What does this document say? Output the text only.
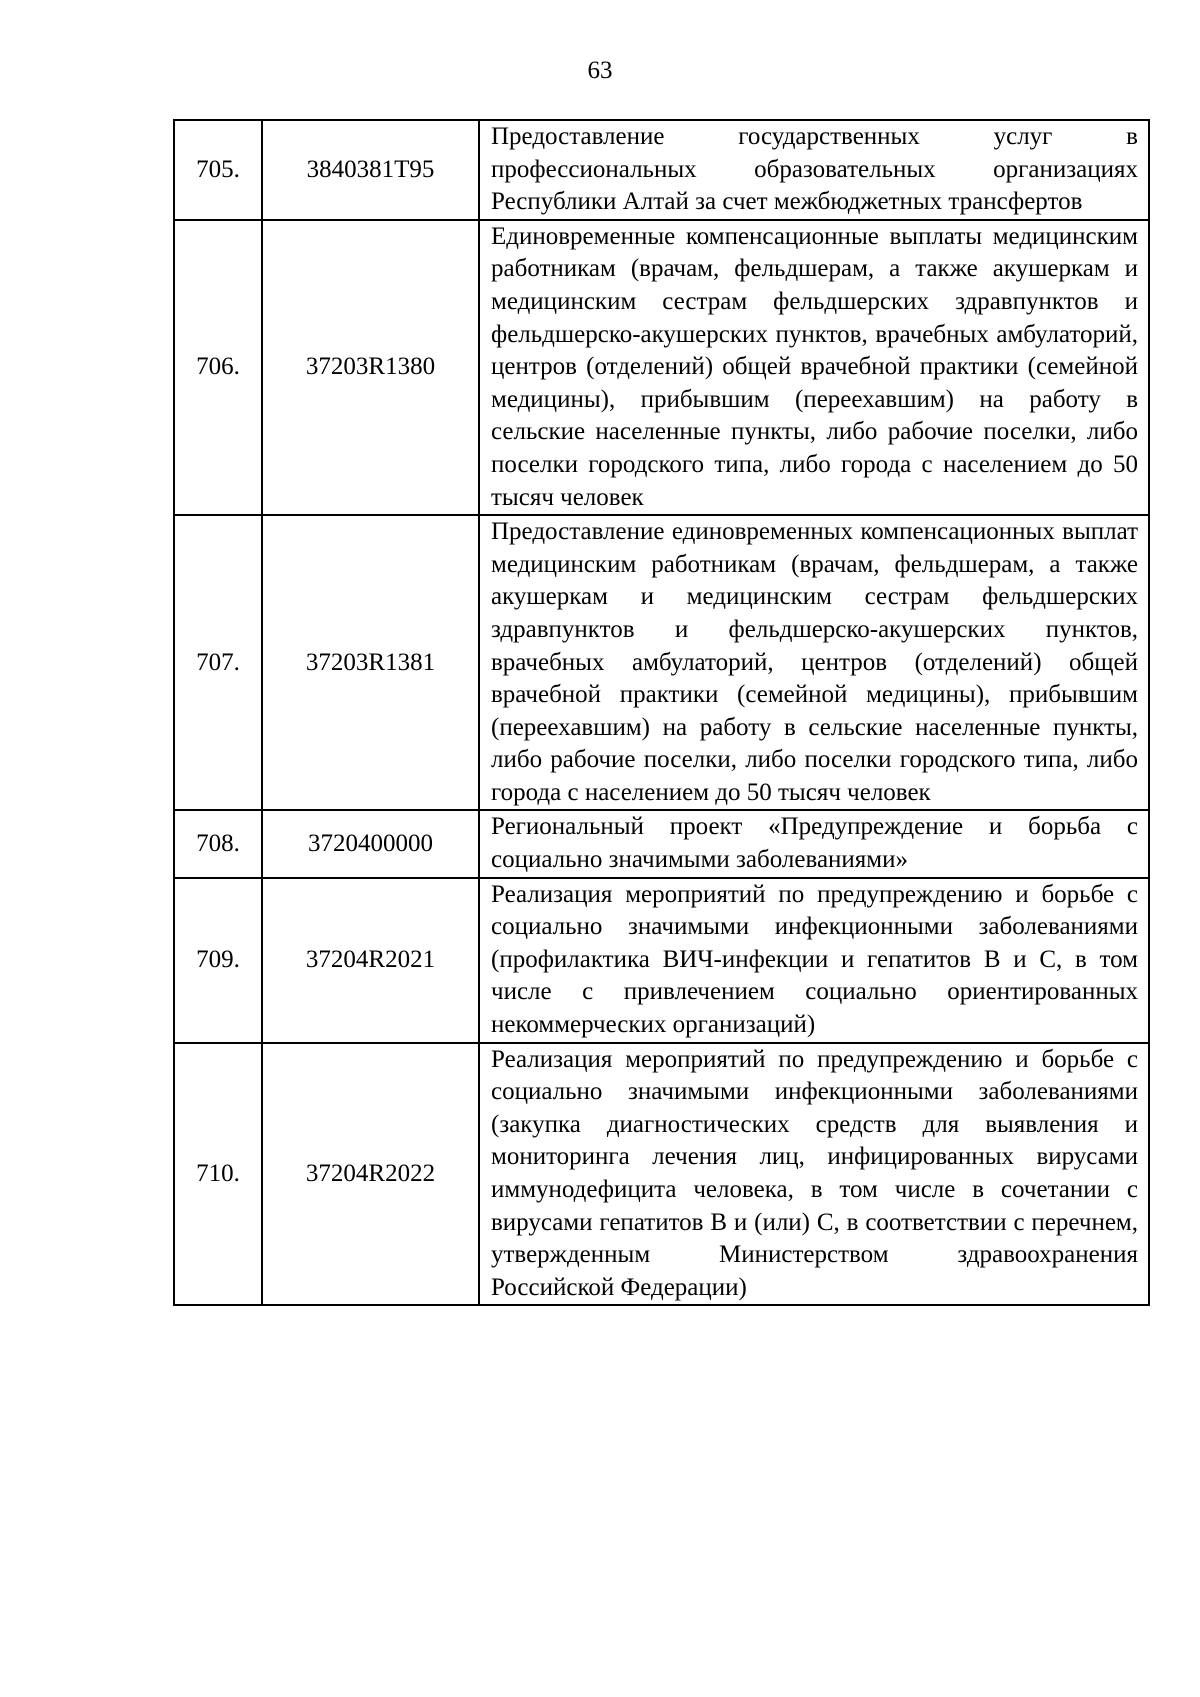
63
705.	3840381T95	Предоставление государственных услуг в профессиональных образовательных организациях Республики Алтай за счет межбюджетных трансфертов
706.	37203R1380	Единовременные компенсационные выплаты медицинским работникам (врачам, фельдшерам, а также акушеркам и медицинским сестрам фельдшерских здравпунктов и фельдшерско-акушерских пунктов, врачебных амбулаторий, центров (отделений) общей врачебной практики (семейной медицины), прибывшим (переехавшим) на работу в сельские населенные пункты, либо рабочие поселки, либо поселки городского типа, либо города с населением до 50 тысяч человек
707.	37203R1381	Предоставление единовременных компенсационных выплат медицинским работникам (врачам, фельдшерам, а также акушеркам и медицинским сестрам фельдшерских здравпунктов и фельдшерско-акушерских пунктов, врачебных амбулаторий, центров (отделений) общей врачебной практики (семейной медицины), прибывшим (переехавшим) на работу в сельские населенные пункты, либо рабочие поселки, либо поселки городского типа, либо города с населением до 50 тысяч человек
708.	3720400000	Региональный проект «Предупреждение и борьба с социально значимыми заболеваниями»
709.	37204R2021	Реализация мероприятий по предупреждению и борьбе с социально значимыми инфекционными заболеваниями (профилактика ВИЧ-инфекции и гепатитов B и C, в том числе с привлечением социально ориентированных некоммерческих организаций)
710.	37204R2022	Реализация мероприятий по предупреждению и борьбе с социально значимыми инфекционными заболеваниями (закупка диагностических средств для выявления и мониторинга лечения лиц, инфицированных вирусами иммунодефицита человека, в том числе в сочетании с вирусами гепатитов B и (или) C, в соответствии с перечнем, утвержденным Министерством здравоохранения Российской Федерации)
